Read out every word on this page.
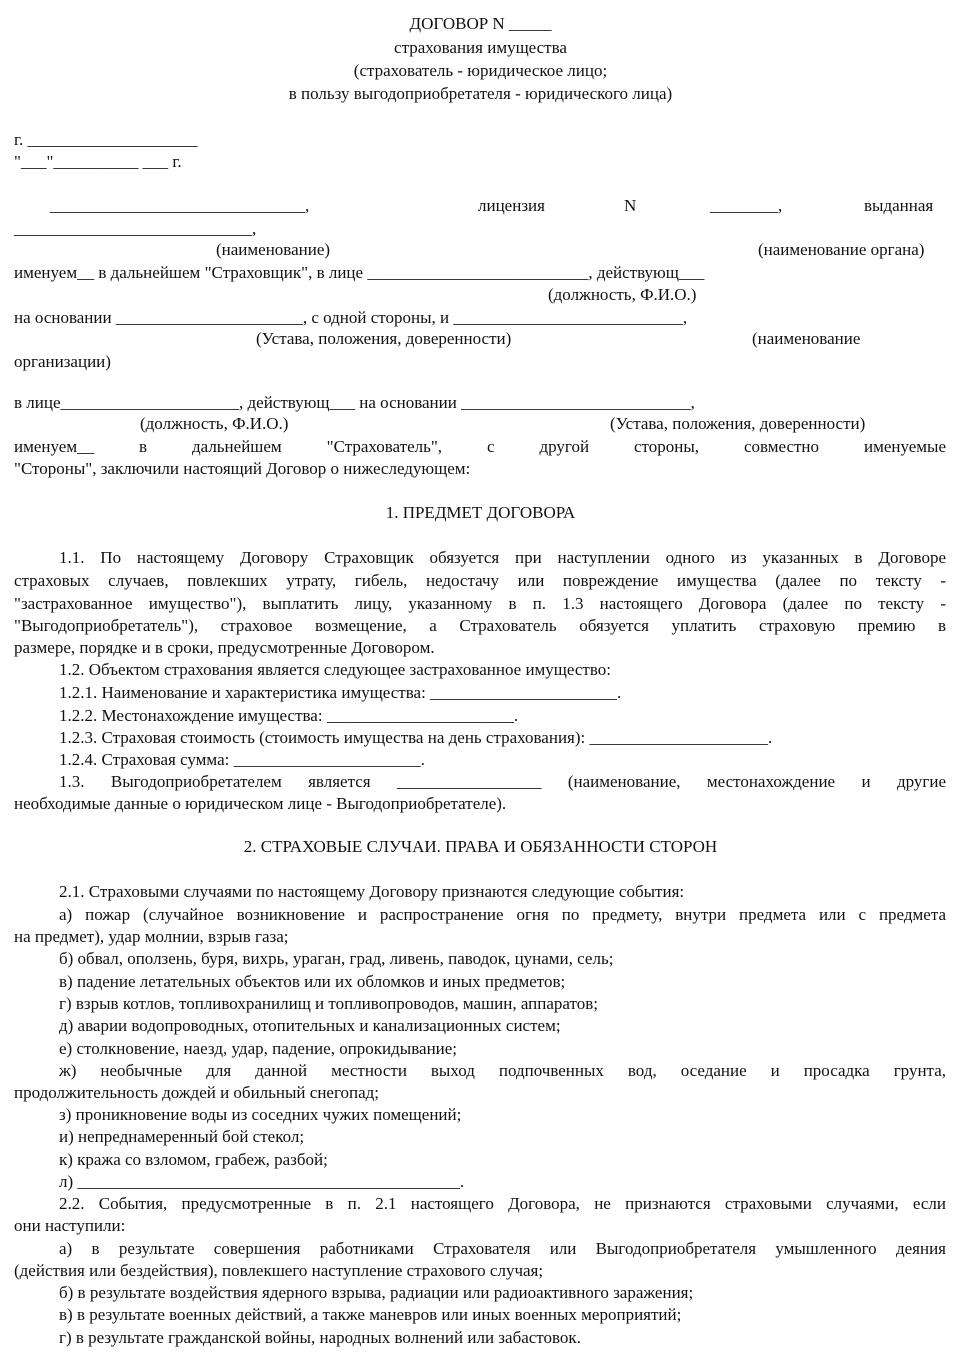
ДОГОВОР N _____
страхования имущества
(страхователь - юридическое лицо;
в пользу выгодоприобретателя - юридического лица)
г. ____________________
"___"__________ ___ г.
______________________________,	лицензия	N	________,	выданная
____________________________,
(наименование)	(наименование органа)
именуем__ в дальнейшем "Страховщик", в лице __________________________, действующ___
(должность, Ф.И.О.)
на основании ______________________, с одной стороны, и ___________________________,
(Устава, положения, доверенности)	(наименование
организации)
в лице_____________________, действующ___ на основании ___________________________,
(должность, Ф.И.О.)	(Устава, положения, доверенности)
именуем__	в дальнейшем	"Страхователь",	с	другой	стороны,	совместно	именуемые
"Стороны", заключили настоящий Договор о нижеследующем:
1. ПРЕДМЕТ ДОГОВОРА
1.1. По настоящему Договору Страховщик обязуется при наступлении одного из указанных в Договоре
страховых случаев, повлекших утрату, гибель, недостачу или повреждение имущества (далее по тексту -
"застрахованное имущество"), выплатить лицу, указанному в п. 1.3 настоящего Договора (далее по тексту -
"Выгодоприобретатель"), страховое возмещение, а Страхователь обязуется уплатить страховую премию в
размере, порядке и в сроки, предусмотренные Договором.
1.2. Объектом страхования является следующее застрахованное имущество:
1.2.1. Наименование и характеристика имущества: ______________________.
1.2.2. Местонахождение имущества: ______________________.
1.2.3. Страховая стоимость (стоимость имущества на день страхования): _____________________.
1.2.4. Страховая сумма: ______________________.
1.3. Выгодоприобретателем является _________________ (наименование, местонахождение и другие
необходимые данные о юридическом лице - Выгодоприобретателе).
2. СТРАХОВЫЕ СЛУЧАИ. ПРАВА И ОБЯЗАННОСТИ СТОРОН
2.1. Страховыми случаями по настоящему Договору признаются следующие события:
а) пожар (случайное возникновение и распространение огня по предмету, внутри предмета или с предмета
на предмет), удар молнии, взрыв газа;
б) обвал, оползень, буря, вихрь, ураган, град, ливень, паводок, цунами, сель;
в) падение летательных объектов или их обломков и иных предметов;
г) взрыв котлов, топливохранилищ и топливопроводов, машин, аппаратов;
д) аварии водопроводных, отопительных и канализационных систем;
е) столкновение, наезд, удар, падение, опрокидывание;
ж) необычные для данной местности выход подпочвенных вод, оседание и просадка грунта,
продолжительность дождей и обильный снегопад;
з) проникновение воды из соседних чужих помещений;
и) непреднамеренный бой стекол;
к) кража со взломом, грабеж, разбой;
л) _____________________________________________.
2.2. События, предусмотренные в п. 2.1 настоящего Договора, не признаются страховыми случаями, если
они наступили:
а) в результате совершения работниками Страхователя или Выгодоприобретателя умышленного деяния
(действия или бездействия), повлекшего наступление страхового случая;
б) в результате воздействия ядерного взрыва, радиации или радиоактивного заражения;
в) в результате военных действий, а также маневров или иных военных мероприятий;
г) в результате гражданской войны, народных волнений или забастовок.
